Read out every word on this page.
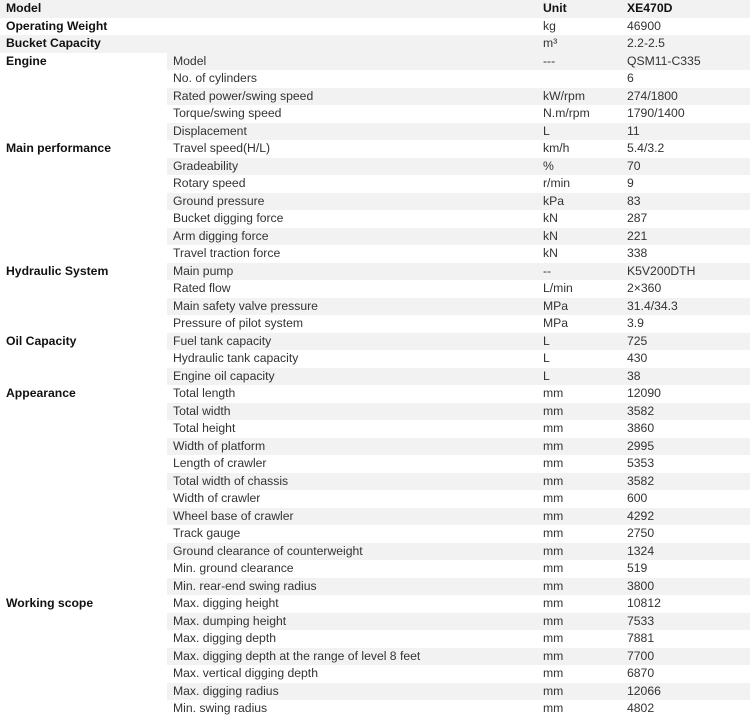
Model		Unit	XE470D
Operating Weight		kg	46900
Bucket Capacity		m³	2.2-2.5
Engine	Model	---	QSM11-C335
	No. of cylinders		6
	Rated power/swing speed	kW/rpm	274/1800
	Torque/swing speed	N.m/rpm	1790/1400
	Displacement	L	11
Main performance	Travel speed(H/L)	km/h	5.4/3.2
	Gradeability	%	70
	Rotary speed	r/min	9
	Ground pressure	kPa	83
	Bucket digging force	kN	287
	Arm digging force	kN	221
	Travel traction force	kN	338
Hydraulic System	Main pump	--	K5V200DTH
	Rated flow	L/min	2×360
	Main safety valve pressure	MPa	31.4/34.3
	Pressure of pilot system	MPa	3.9
Oil Capacity	Fuel tank capacity	L	725
	Hydraulic tank capacity	L	430
	Engine oil capacity	L	38
Appearance	Total length	mm	12090
	Total width	mm	3582
	Total height	mm	3860
	Width of platform	mm	2995
	Length of crawler	mm	5353
	Total width of chassis	mm	3582
	Width of crawler	mm	600
	Wheel base of crawler	mm	4292
	Track gauge	mm	2750
	Ground clearance of counterweight	mm	1324
	Min. ground clearance	mm	519
	Min. rear-end swing radius	mm	3800
Working scope	Max. digging height	mm	10812
	Max. dumping height	mm	7533
	Max. digging depth	mm	7881
	Max. digging depth at the range of level 8 feet	mm	7700
	Max. vertical digging depth	mm	6870
	Max. digging radius	mm	12066
	Min. swing radius	mm	4802
